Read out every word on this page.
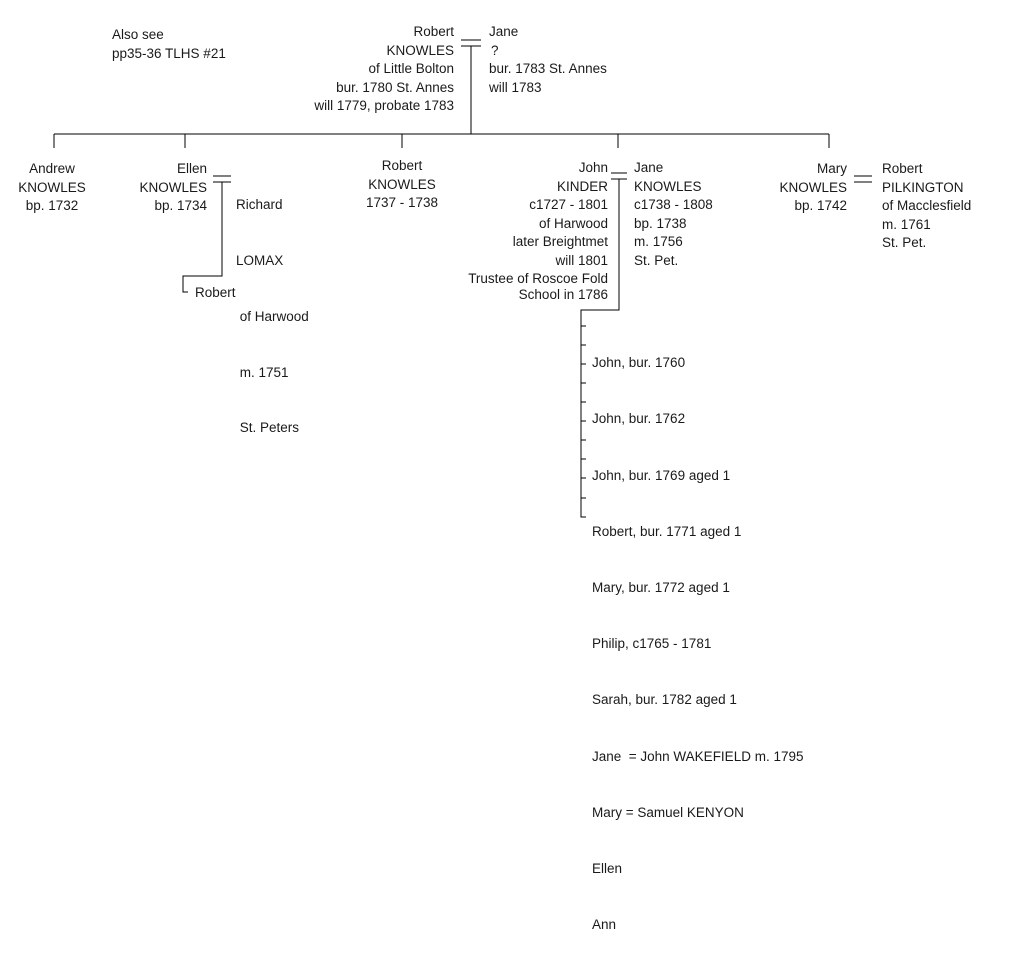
Also see
pp35-36 TLHS #21
Robert
KNOWLES
of Little Bolton
bur. 1780 St. Annes
will 1779, probate 1783
Jane
?
bur. 1783 St. Annes
will 1783
Andrew
KNOWLES
bp. 1732
Ellen
KNOWLES
bp. 1734

Richard

LOMAX

of Harwood

m. 1751

St. Peters

Robert
Robert
KNOWLES
1737 - 1738
John
KINDER
c1727 - 1801
of Harwood
later Breightmet
will 1801
Trustee of Roscoe Fold
School in 1786
Jane
KNOWLES
c1738 - 1808
bp. 1738
m. 1756
St. Pet.
Mary
KNOWLES
bp. 1742
Robert
PILKINGTON
of Macclesfield
m. 1761
St. Pet.

John, bur. 1760

John, bur. 1762

John, bur. 1769 aged 1

Robert, bur. 1771 aged 1

Mary, bur. 1772 aged 1

Philip, c1765 - 1781

Sarah, bur. 1782 aged 1

Jane  = John WAKEFIELD m. 1795

Mary = Samuel KENYON

Ellen

Ann
